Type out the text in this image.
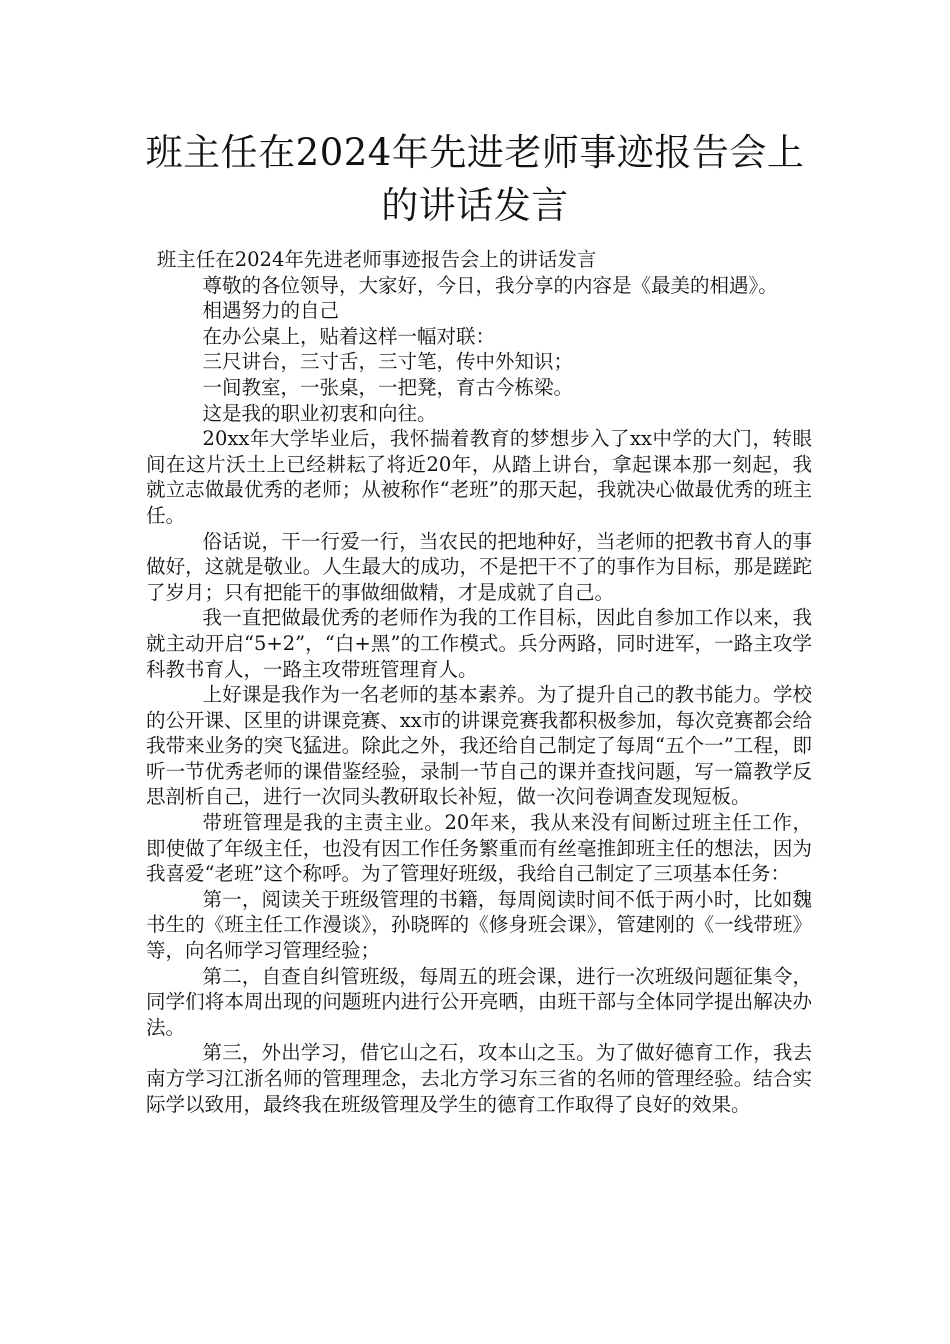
班主任在2024年先进老师事迹报告会上的讲话发言

班主任在2024年先进老师事迹报告会上的讲话发言

尊敬的各位领导，大家好，今日，我分享的内容是《最美的相遇》。

相遇努力的自己

在办公桌上，贴着这样一幅对联：

三尺讲台，三寸舌，三寸笔，传中外知识；

一间教室，一张桌，一把凳，育古今栋梁。

这是我的职业初衷和向往。

20xx年大学毕业后，我怀揣着教育的梦想步入了xx中学的大门，转眼间在这片沃土上已经耕耘了将近20年，从踏上讲台，拿起课本那一刻起，我就立志做最优秀的老师；从被称作“老班”的那天起，我就决心做最优秀的班主任。

俗话说，干一行爱一行，当农民的把地种好，当老师的把教书育人的事做好，这就是敬业。人生最大的成功，不是把干不了的事作为目标，那是蹉跎了岁月；只有把能干的事做细做精，才是成就了自己。

我一直把做最优秀的老师作为我的工作目标，因此自参加工作以来，我就主动开启“5+2”，“白+黑”的工作模式。兵分两路，同时进军，一路主攻学科教书育人，一路主攻带班管理育人。

上好课是我作为一名老师的基本素养。为了提升自己的教书能力。学校的公开课、区里的讲课竞赛、xx市的讲课竞赛我都积极参加，每次竞赛都会给我带来业务的突飞猛进。除此之外，我还给自己制定了每周“五个一”工程，即听一节优秀老师的课借鉴经验，录制一节自己的课并查找问题，写一篇教学反思剖析自己，进行一次同头教研取长补短，做一次问卷调查发现短板。

带班管理是我的主责主业。20年来，我从来没有间断过班主任工作，即使做了年级主任，也没有因工作任务繁重而有丝毫推卸班主任的想法，因为我喜爱“老班”这个称呼。为了管理好班级，我给自己制定了三项基本任务：

第一，阅读关于班级管理的书籍，每周阅读时间不低于两小时，比如魏书生的《班主任工作漫谈》，孙晓晖的《修身班会课》，管建刚的《一线带班》等，向名师学习管理经验；

第二，自查自纠管班级，每周五的班会课，进行一次班级问题征集令，同学们将本周出现的问题班内进行公开亮晒，由班干部与全体同学提出解决办法。

第三，外出学习，借它山之石，攻本山之玉。为了做好德育工作，我去南方学习江浙名师的管理理念，去北方学习东三省的名师的管理经验。结合实际学以致用，最终我在班级管理及学生的德育工作取得了良好的效果。
